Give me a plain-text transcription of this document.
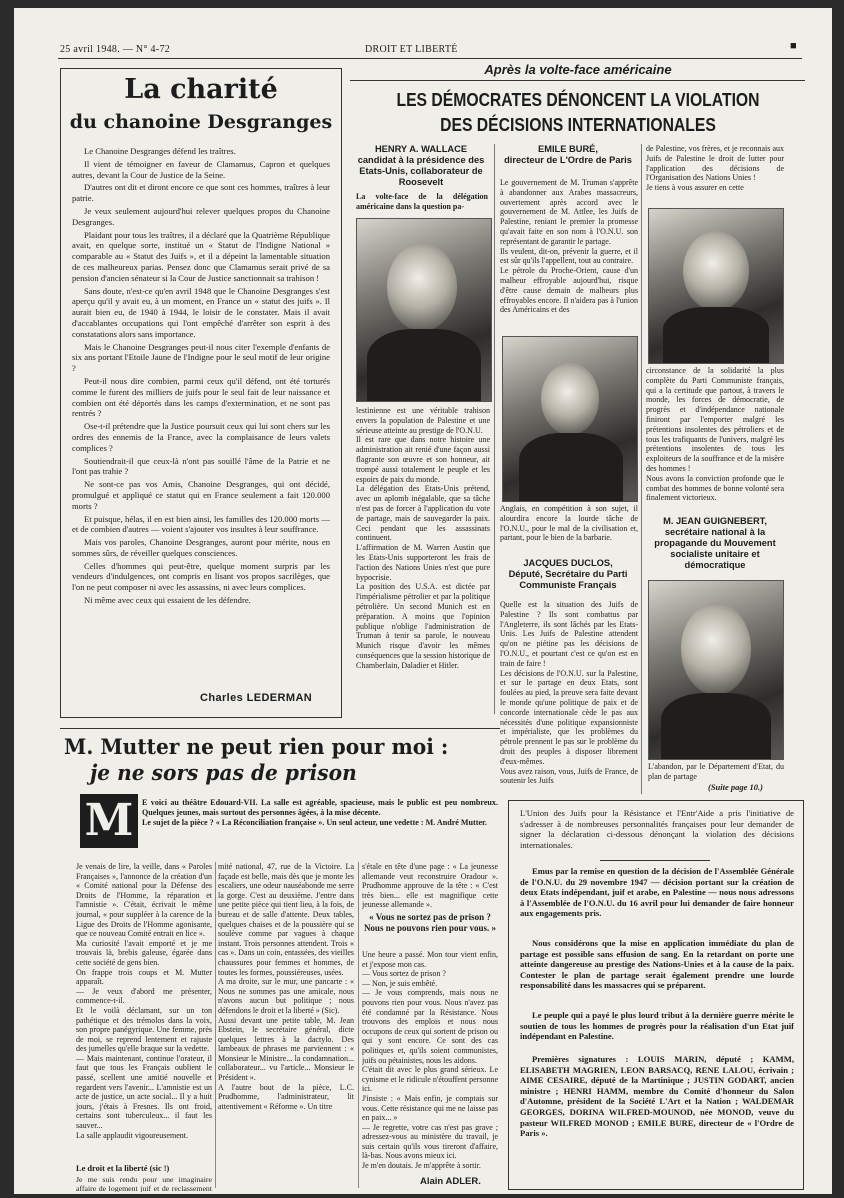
25 avril 1948. — N° 4-72	DROIT ET LIBERTÉ	■
La charité
du chanoine Desgranges

Le Chanoine Desgranges défend les traîtres.

Il vient de témoigner en faveur de Clamamus, Capron et quelques autres, devant la Cour de Justice de la Seine.

D'autres ont dit et diront encore ce que sont ces hommes, traîtres à leur patrie.

Je veux seulement aujourd'hui relever quelques propos du Chanoine Desgranges.

Plaidant pour tous les traîtres, il a déclaré que la Quatrième République avait, en quelque sorte, institué un « Statut de l'Indigne National » comparable au « Statut des Juifs », et il a dépeint la lamentable situation de ces malheureux parias. Pensez donc que Clamamus serait privé de sa pension d'ancien sénateur si la Cour de Justice sanctionnait sa trahison !

Sans doute, n'est-ce qu'en avril 1948 que le Chanoine Desgranges s'est aperçu qu'il y avait eu, à un moment, en France un « statut des juifs ». Il aurait bien eu, de 1940 à 1944, le loisir de le constater. Mais il avait d'accablantes occupations qui l'ont empêché d'arrêter son esprit à des constatations alors sans importance.

Mais le Chanoine Desgranges peut-il nous citer l'exemple d'enfants de six ans portant l'Etoile Jaune de l'Indigne pour le seul motif de leur origine ?

Peut-il nous dire combien, parmi ceux qu'il défend, ont été torturés comme le furent des milliers de juifs pour le seul fait de leur naissance et combien ont été déportés dans les camps d'extermination, et ne sont pas rentrés ?

Ose-t-il prétendre que la Justice poursuit ceux qui lui sont chers sur les ordres des ennemis de la France, avec la complaisance de leurs valets complices ?

Soutiendrait-il que ceux-là n'ont pas souillé l'âme de la Patrie et ne l'ont pas trahie ?

Ne sont-ce pas vos Amis, Chanoine Desgranges, qui ont décidé, promulgué et appliqué ce statut qui en France seulement a fait 120.000 morts ?

Et puisque, hélas, il en est bien ainsi, les familles des 120.000 morts — et de combien d'autres — voient s'ajouter vos insultes à leur souffrance.

Mais vos paroles, Chanoine Desgranges, auront pour mérite, nous en sommes sûrs, de réveiller quelques consciences.

Celles d'hommes qui peut-être, quelque moment surpris par les vendeurs d'indulgences, ont compris en lisant vos propos sacrilèges, que l'on ne peut composer ni avec les assassins, ni avec leurs complices.

Ni même avec ceux qui essaient de les défendre.

Charles LEDERMAN
Après la volte-face américaine
LES DÉMOCRATES DÉNONCENT LA VIOLATION
DES DÉCISIONS INTERNATIONALES
HENRY A. WALLACE
candidat à la présidence des Etats-Unis, collaborateur de Roosevelt
La volte-face de la délégation américaine dans la question pa-
lestinienne est une véritable trahison envers la population de Palestine et une sérieuse atteinte au prestige de l'O.N.U.
Il est rare que dans notre histoire une administration ait renié d'une façon aussi flagrante son œuvre et son honneur, ait trompé aussi totalement le peuple et les espoirs de paix du monde.
La délégation des Etats-Unis prétend, avec un aplomb inégalable, que sa tâche n'est pas de forcer à l'application du vote de partage, mais de sauvegarder la paix. Ceci pendant que les assassinats continuent.
L'affirmation de M. Warren Austin que les Etats-Unis supporteront les frais de l'action des Nations Unies n'est que pure hypocrisie.
La position des U.S.A. est dictée par l'impérialisme pétrolier et par la politique pétrolière. Un second Munich est en préparation. A moins que l'opinion publique n'oblige l'administration de Truman à tenir sa parole, le nouveau Munich risque d'avoir les mêmes conséquences que la session historique de Chamberlain, Daladier et Hitler.
EMILE BURÉ,
directeur de L'Ordre de Paris
Le gouvernement de M. Truman s'apprête à abandonner aux Arabes massacreurs, ouvertement après accord avec le gouvernement de M. Attlee, les Juifs de Palestine, reniant le premier la promesse qu'avait faite en son nom à l'O.N.U. son représentant de garantir le partage.
Ils veulent, dit-on, prévenir la guerre, et il est sûr qu'ils l'appellent, tout au contraire.
Le pétrole du Proche-Orient, cause d'un malheur effroyable aujourd'hui, risque d'être cause demain de malheurs plus effroyables encore. Il n'aidera pas à l'union des Américains et des
Anglais, en compétition à son sujet, il alourdira encore la lourde tâche de l'O.N.U., pour le mal de la civilisation et, partant, pour le bien de la barbarie.
JACQUES DUCLOS,
Député, Secrétaire du Parti Communiste Français
Quelle est la situation des Juifs de Palestine ? Ils sont combattus par l'Angleterre, ils sont lâchés par les Etats-Unis. Les Juifs de Palestine attendent qu'on ne piétine pas les décisions de l'O.N.U., et pourtant c'est ce qu'on est en train de faire !
Les décisions de l'O.N.U. sur la Palestine, et sur le partage en deux Etats, sont foulées au pied, la preuve sera faite devant le monde qu'une politique de paix et de concorde internationale cède le pas aux nécessités d'une politique expansionniste et impérialiste, que les problèmes du pétrole prennent le pas sur le problème du droit des peuples à disposer librement d'eux-mêmes.
Vous avez raison, vous, Juifs de France, de soutenir les Juifs
de Palestine, vos frères, et je reconnais aux Juifs de Palestine le droit de lutter pour l'application des décisions de l'Organisation des Nations Unies !
Je tiens à vous assurer en cette
circonstance de la solidarité la plus complète du Parti Communiste français, qui a la certitude que partout, à travers le monde, les forces de démocratie, de progrès et d'indépendance nationale finiront par l'emporter malgré les prétentions insolentes des pétroliers et de tous les trafiquants de l'univers, malgré les prétentions insolentes de tous les exploiteurs de la souffrance et de la misère des hommes !
Nous avons la conviction profonde que le combat des hommes de bonne volonté sera finalement victorieux.
M. JEAN GUIGNEBERT,
secrétaire national à la propagande du Mouvement socialiste unitaire et démocratique
L'abandon, par le Département d'Etat, du plan de partage
(Suite page 10.)
M. Mutter ne peut rien pour moi :
je ne sors pas de prison
M	E voici au théâtre Edouard-VII. La salle est agréable, spacieuse, mais le public est peu nombreux. Quelques jeunes, mais surtout des personnes âgées, à la mise décente.
Le sujet de la pièce ? « La Réconciliation française ». Un seul acteur, une vedette : M. André Mutter.
Je venais de lire, la veille, dans « Paroles Françaises », l'annonce de la création d'un « Comité national pour la Défense des Droits de l'Homme, la réparation et l'amnistie ». C'était, écrivait le même journal, « pour suppléer à la carence de la Ligue des Droits de l'Homme agonisante, que ce nouveau Comité entrait en lice ».
Ma curiosité l'avait emporté et je me trouvais là, brebis galeuse, égarée dans cette société de gens bien.
On frappe trois coups et M. Mutter apparaît.
— Je veux d'abord me présenter, commence-t-il.
Et le voilà déclamant, sur un ton pathétique et des trémolos dans la voix, son propre panégyrique. Une femme, près de moi, se reprend lentement et rajuste des jumelles qu'elle braque sur la vedette.
— Mais maintenant, continue l'orateur, il faut que tous les Français oublient le passé, scellent une amitié nouvelle et regardent vers l'avenir... L'amnistie est un acte de justice, un acte social... Il y a huit jours, j'étais à Fresnes. Ils ont froid, certains sont tuberculeux... il faut les sauver...
La salle applaudit vigoureusement.
Le droit et la liberté (sic !)
Je me suis rendu pour une imaginaire affaire de logement juif et de reclassement
mité national, 47, rue de la Victoire. La façade est belle, mais dès que je monte les escaliers, une odeur nauséabonde me serre la gorge. C'est au deuxième. J'entre dans une petite pièce qui tient lieu, à la fois, de bureau et de salle d'attente. Deux tables, quelques chaises et de la poussière qui se soulève comme par vagues à chaque instant. Trois personnes attendent. Trois « cas ». Dans un coin, entassées, des vieilles chaussures pour femmes et hommes, de toutes les formes, poussiéreuses, usées.
A ma droite, sur le mur, une pancarte : « Nous ne sommes pas une amicale, nous n'avons aucun but politique ; nous défendons le droit et la liberté » (Sic).
Aussi devant une petite table, M. Jean Ebstein, le secrétaire général, dicte quelques lettres à la dactylo. Des lambeaux de phrases me parviennent : « Monsieur le Ministre... la condamnation... collaborateur... vu l'article... Monsieur le Président ».
A l'autre bout de la pièce, L.C. Prudhomme, l'administrateur, lit attentivement « Réforme ». Un titre
s'étale en tête d'une page : « La jeunesse allemande veut reconstruire Oradour ». Prudhomme approuve de la tête : « C'est très bien... elle est magnifique cette jeunesse allemande ».
« Vous ne sortez pas de prison ? Nous ne pouvons rien pour vous. »
Une heure a passé. Mon tour vient enfin, et j'expose mon cas.
— Vous sortez de prison ?
— Non, je suis embêté.
— Je vous comprends, mais nous ne pouvons rien pour vous. Nous n'avez pas été condamné par la Résistance. Nous trouvons des emplois et nous nous occupons de ceux qui sortent de prison ou qui y sont encore. Ce sont des cas politiques et, qu'ils soient communistes, juifs ou pétainistes, nous les aidons.
C'était dit avec le plus grand sérieux. Le cynisme et le ridicule n'étouffent personne ici.
J'insiste : « Mais enfin, je comptais sur vous. Cette résistance qui me ne laisse pas en paix... »
— Je regrette, votre cas n'est pas grave ; adressez-vous au ministère du travail, je suis certain qu'ils vous tireront d'affaire, là-bas. Nous avons mieux ici.
Je m'en doutais. Je m'apprête à sortir.

Alain ADLER.
L'Union des Juifs pour la Résistance et l'Entr'Aide a pris l'initiative de s'adresser à de nombreuses personnalités françaises pour leur demander de signer la déclaration ci-dessous dénonçant la violation des décisions internationales.
Emus par la remise en question de la décision de l'Assemblée Générale de l'O.N.U. du 29 novembre 1947 — décision portant sur la création de deux Etats indépendant, juif et arabe, en Palestine — nous nous adressons à l'Assemblée de l'O.N.U. du 16 avril pour lui demander de faire honneur aux engagements pris.
Nous considérons que la mise en application immédiate du plan de partage est possible sans effusion de sang. En la retardant on porte une atteinte dangereuse au prestige des Nations-Unies et à la cause de la paix. Contester le plan de partage serait également prendre une lourde responsabilité dans les massacres qui se préparent.
Le peuple qui a payé le plus lourd tribut à la dernière guerre mérite le soutien de tous les hommes de progrès pour la réalisation d'un Etat juif indépendant en Palestine.
Premières signatures : LOUIS MARIN, député ; KAMM, ELISABETH MAGRIEN, LEON BARSACQ, RENE LALOU, écrivain ; AIME CESAIRE, député de la Martinique ; JUSTIN GODART, ancien ministre ; HENRI HAMM, membre du Comité d'honneur du Salon d'Automne, président de la Société L'Art et la Nation ; WALDEMAR GEORGES, DORINA WILFRED-MOUNOD, née MONOD, veuve du pasteur WILFRED MONOD ; EMILE BURE, directeur de « l'Ordre de Paris ».
